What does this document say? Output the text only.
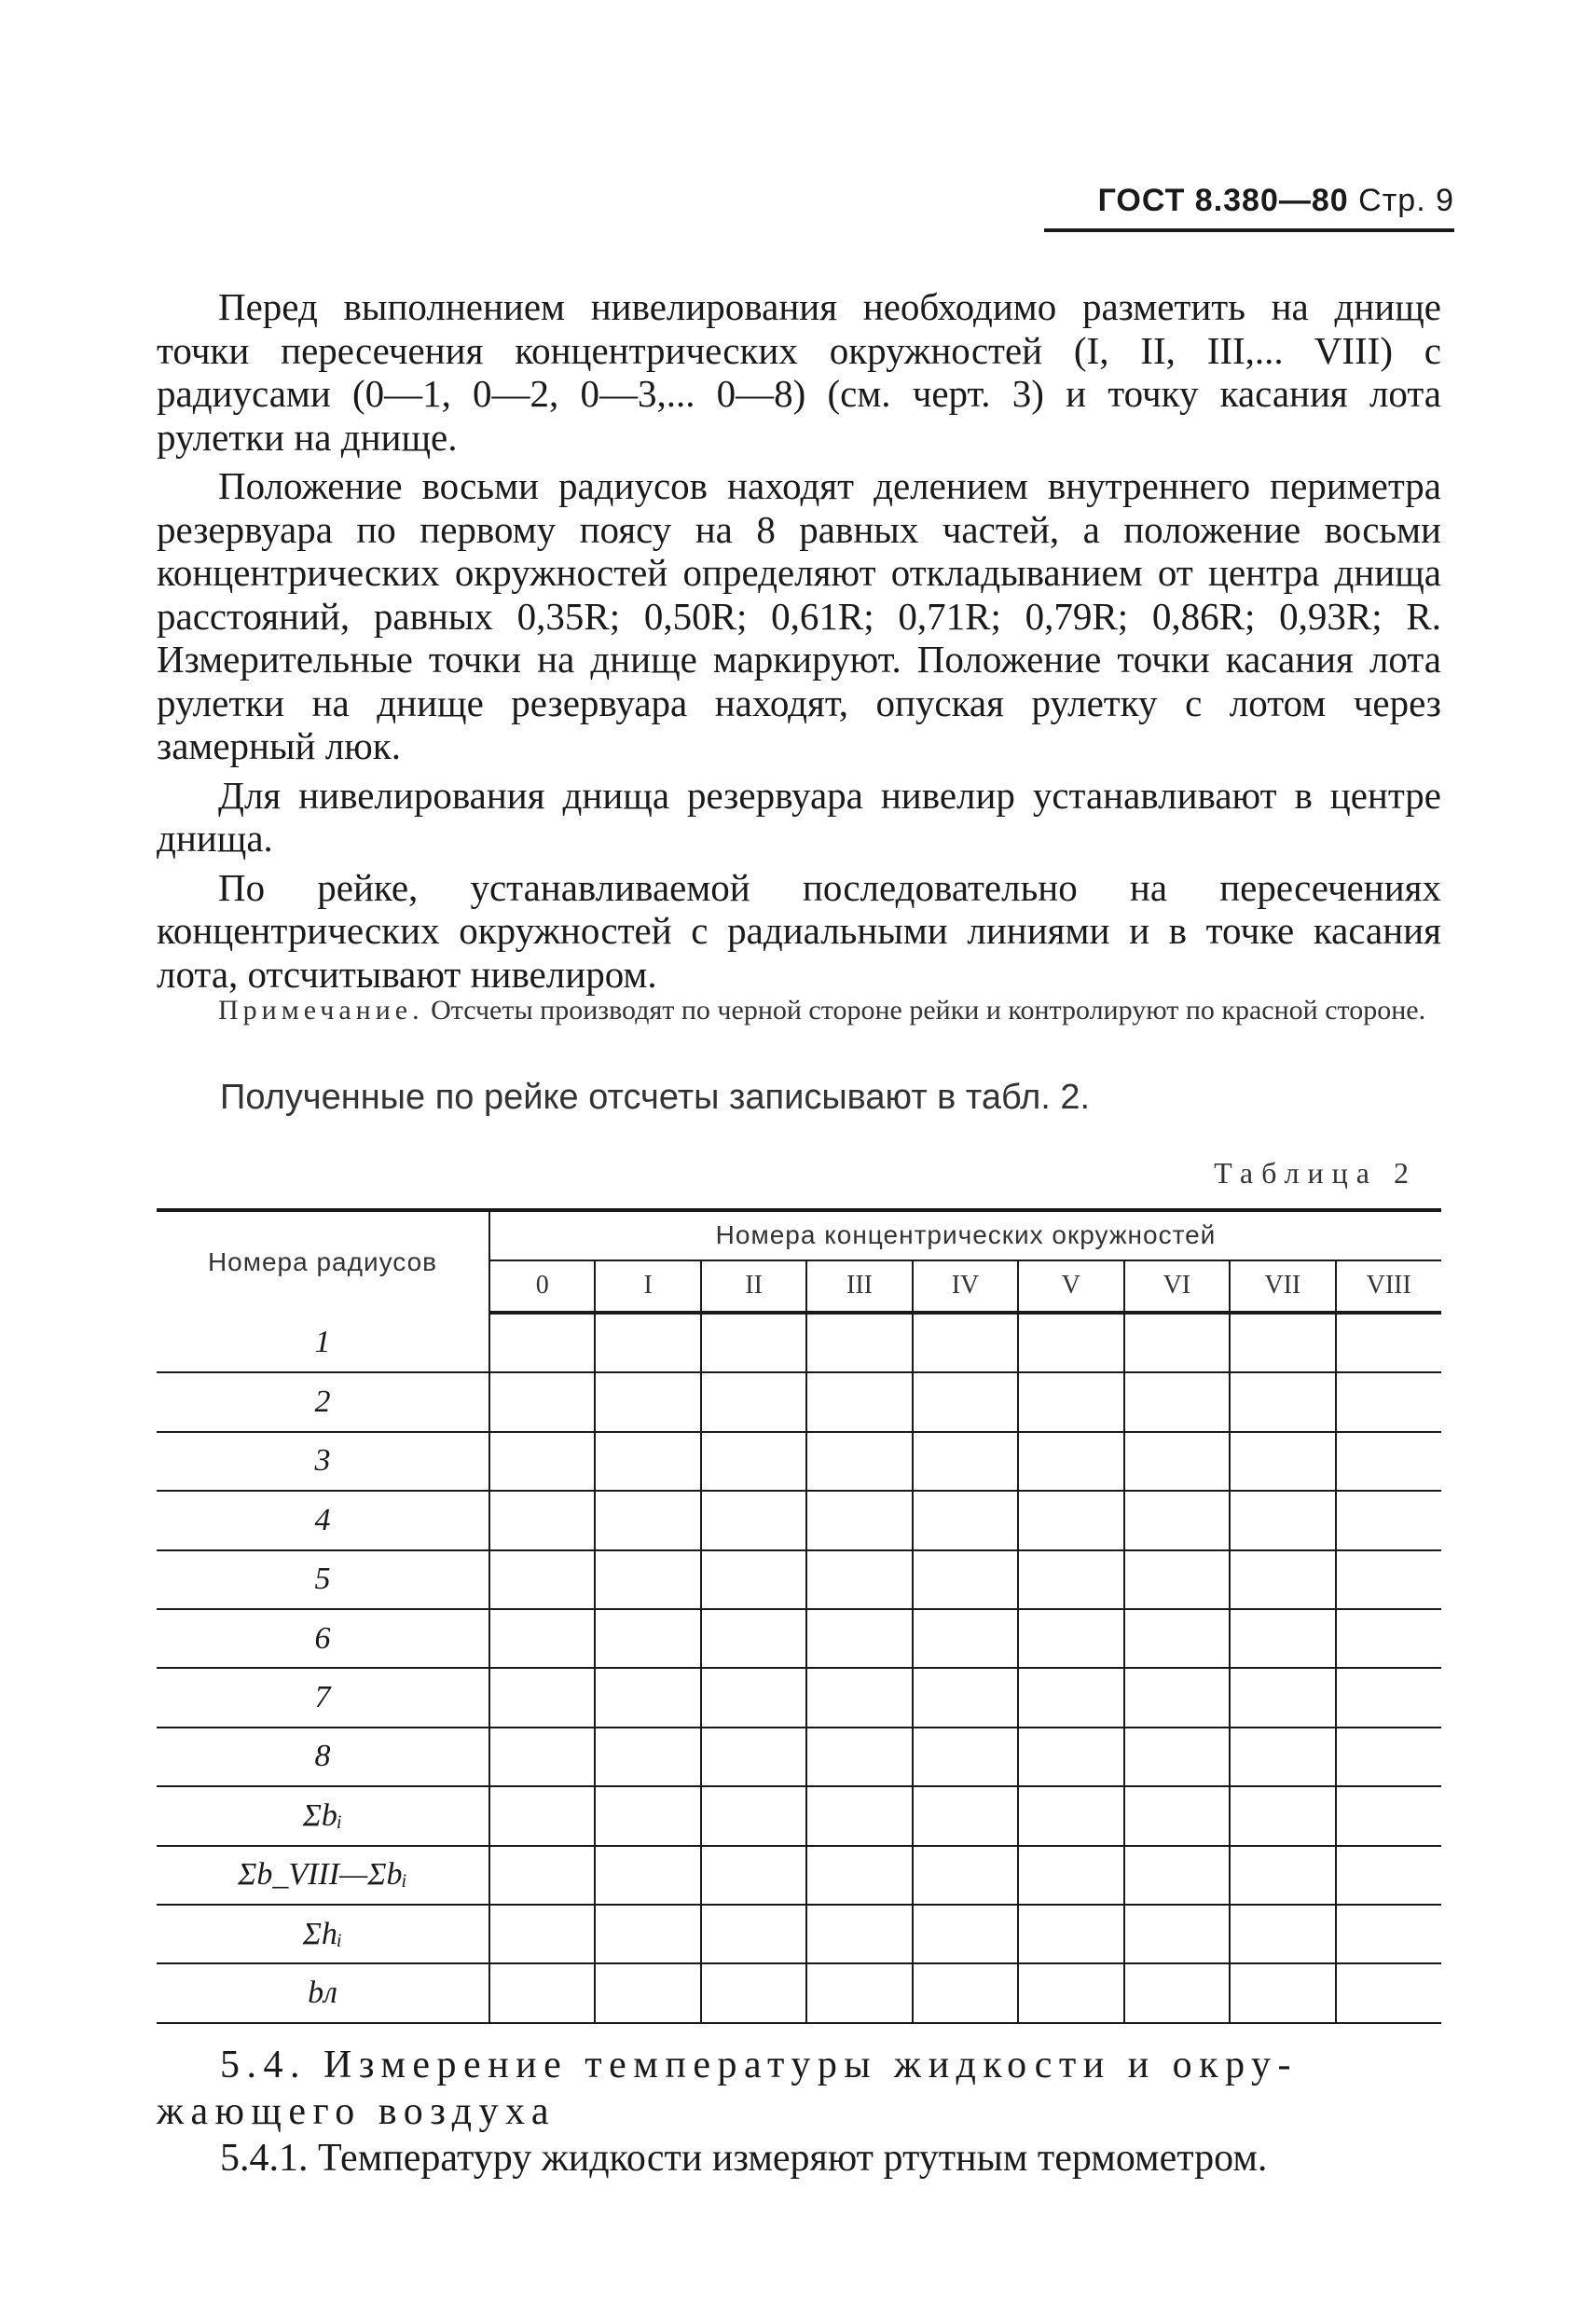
ГОСТ 8.380—80 Стр. 9

Перед выполнением нивелирования необходимо разметить на днище точки пересечения концентрических окружностей (I, II, III,... VIII) с радиусами (0—1, 0—2, 0—3,... 0—8) (см. черт. 3) и точку касания лота рулетки на днище.

Положение восьми радиусов находят делением внутреннего периметра резервуара по первому поясу на 8 равных частей, а положение восьми концентрических окружностей определяют откладыванием от центра днища расстояний, равных 0,35R; 0,50R; 0,61R; 0,71R; 0,79R; 0,86R; 0,93R; R. Измерительные точки на днище маркируют. Положение точки касания лота рулетки на днище резервуара находят, опуская рулетку с лотом через замерный люк.

Для нивелирования днища резервуара нивелир устанавливают в центре днища.

По рейке, устанавливаемой последовательно на пересечениях концентрических окружностей с радиальными линиями и в точке касания лота, отсчитывают нивелиром.

Примечание. Отсчеты производят по черной стороне рейки и контролируют по красной стороне.
Полученные по рейке отсчеты записывают в табл. 2.
Таблица 2
Номера радиусов	Номера концентрических окружностей								
	0	I	II	III	IV	V	VI	VII	VIII
1									
2									
3									
4									
5									
6									
7									
8									
Σbᵢ									
Σb_VIII—Σbᵢ									
Σhᵢ									
bл									
5.4. Измерение температуры жидкости и окру-
жающего воздуха
5.4.1. Температуру жидкости измеряют ртутным термометром.
